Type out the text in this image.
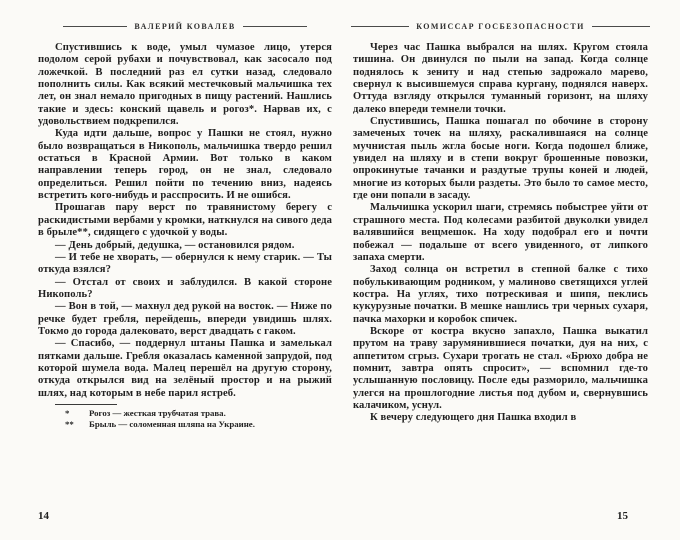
ВАЛЕРИЙ КОВАЛЕВ

Спустившись к воде, умыл чумазое лицо, утерся подолом серой рубахи и почувствовал, как засосало под ложечкой. В последний раз ел сутки назад, следовало пополнить силы. Как всякий местечковый мальчишка тех лет, он знал немало пригодных в пищу растений. Нашлись такие и здесь: конский щавель и рогоз*. Нарвав их, с удовольствием подкрепился.

Куда идти дальше, вопрос у Пашки не стоял, нужно было возвращаться в Никополь, мальчишка твердо решил остаться в Красной Армии. Вот только в каком направлении теперь город, он не знал, следовало определиться. Решил пойти по течению вниз, надеясь встретить кого-нибудь и расспросить. И не ошибся.

Прошагав пару верст по травянистому берегу с раскидистыми вербами у кромки, наткнулся на сивого деда в брыле**, сидящего с удочкой у воды.

— День добрый, дедушка, — остановился рядом.

— И тебе не хворать, — обернулся к нему старик. — Ты откуда взялся?

— Отстал от своих и заблудился. В какой стороне Никополь?

— Вон в той, — махнул дед рукой на восток. — Ниже по речке будет гребля, перейдешь, впереди увидишь шлях. Токмо до города далековато, верст двадцать с гаком.

— Спасибо, — поддернул штаны Пашка и замелькал пятками дальше. Гребля оказалась каменной запрудой, под которой шумела вода. Малец перешёл на другую сторону, откуда открылся вид на зелёный простор и на рыжий шлях, над которым в небе парил ястреб.

*	Рогоз — жесткая трубчатая трава.
**	Брыль — соломенная шляпа на Украине.
14
КОМИССАР ГОСБЕЗОПАСНОСТИ

Через час Пашка выбрался на шлях. Кругом стояла тишина. Он двинулся по пыли на запад. Когда солнце поднялось к зениту и над степью задрожало марево, свернул к высившемуся справа кургану, поднялся наверх. Оттуда взгляду открылся туманный горизонт, на шляху далеко впереди темнели точки.

Спустившись, Пашка пошагал по обочине в сторону замеченых точек на шляху, раскалившаяся на солнце мучнистая пыль жгла босые ноги. Когда подошел ближе, увидел на шляху и в степи вокруг брошенные повозки, опрокинутые тачанки и раздутые трупы коней и людей, многие из которых были раздеты. Это было то самое место, где они попали в засаду.

Мальчишка ускорил шаги, стремясь побыстрее уйти от страшного места. Под колесами разбитой двуколки увидел валявшийся вещмешок. На ходу подобрал его и почти побежал — подальше от всего увиденного, от липкого запаха смерти.

Заход солнца он встретил в степной балке с тихо побулькивающим родником, у малиново светящихся углей костра. На углях, тихо потрескивая и шипя, пеклись кукурузные початки. В мешке нашлись три черных сухаря, пачка махорки и коробок спичек.

Вскоре от костра вкусно запахло, Пашка выкатил прутом на траву зарумянившиеся початки, дуя на них, с аппетитом сгрыз. Сухари трогать не стал. «Брюхо добра не помнит, завтра опять спросит», — вспомнил где-то услышанную пословицу. После еды разморило, мальчишка улегся на прошлогодние листья под дубом и, свернувшись калачиком, уснул.

К вечеру следующего дня Пашка входил в

15
